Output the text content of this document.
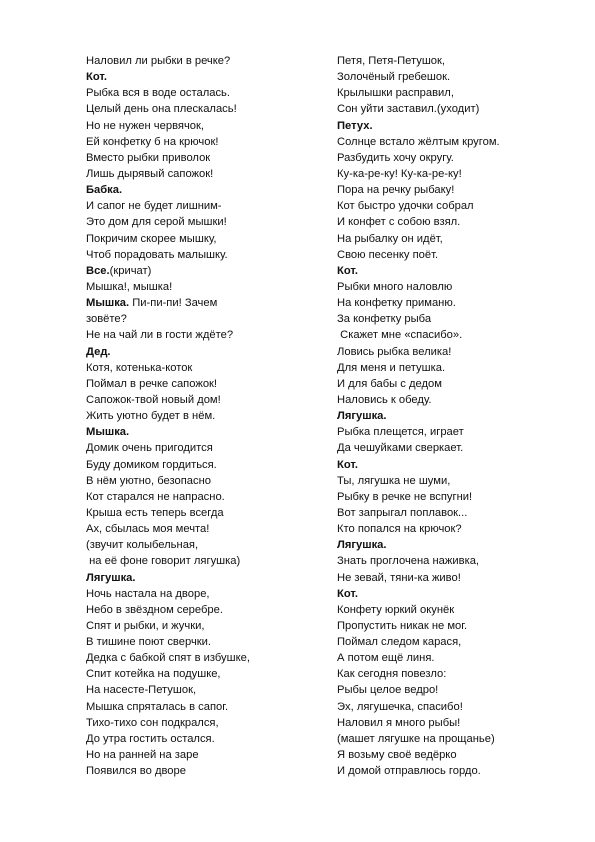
Наловил ли рыбки в речке?
Кот.
Рыбка вся в воде осталась.
Целый день она плескалась!
Но не нужен червячок,
Ей конфетку б на крючок!
Вместо рыбки приволок
Лишь дырявый сапожок!
Бабка.
И сапог не будет лишним-
Это дом для серой мышки!
Покричим скорее мышку,
Чтоб порадовать малышку.
Все.(кричат)
Мышка!, мышка!
Мышка. Пи-пи-пи! Зачем
зовёте?
Не на чай ли в гости ждёте?
Дед.
Котя, котенька-коток
Поймал в речке сапожок!
Сапожок-твой новый дом!
Жить уютно будет в нём.
Мышка.
Домик очень пригодится
Буду домиком гордиться.
В нём уютно, безопасно
Кот старался не напрасно.
Крыша есть теперь всегда
Ах, сбылась моя мечта!
(звучит колыбельная,
на её фоне говорит лягушка)
Лягушка.
Ночь настала на дворе,
Небо в звёздном серебре.
Спят и рыбки, и жучки,
В тишине поют сверчки.
Дедка с бабкой спят в избушке,
Спит котейка на подушке,
На насесте-Петушок,
Мышка спряталась в сапог.
Тихо-тихо сон подкрался,
До утра гостить остался.
Но на ранней на заре
Появился во дворе
Петя, Петя-Петушок,
Золочёный гребешок.
Крылышки расправил,
Сон уйти заставил.(уходит)
Петух.
Солнце встало жёлтым кругом.
Разбудить хочу округу.
Ку-ка-ре-ку! Ку-ка-ре-ку!
Пора на речку рыбаку!
Кот быстро удочки собрал
И конфет с собою взял.
На рыбалку он идёт,
Свою песенку поёт.
Кот.
Рыбки много наловлю
На конфетку приманю.
За конфетку рыба
Скажет мне «спасибо».
Ловись рыбка велика!
Для меня и петушка.
И для бабы с дедом
Наловись к обеду.
Лягушка.
Рыбка плещется, играет
Да чешуйками сверкает.
Кот.
Ты, лягушка не шуми,
Рыбку в речке не вспугни!
Вот запрыгал поплавок...
Кто попался на крючок?
Лягушка.
Знать проглочена наживка,
Не зевай, тяни-ка живо!
Кот.
Конфету юркий окунёк
Пропустить никак не мог.
Поймал следом карася,
А потом ещё линя.
Как сегодня повезло:
Рыбы целое ведро!
Эх, лягушечка, спасибо!
Наловил я много рыбы!
(машет лягушке на прощанье)
Я возьму своё ведёрко
И домой отправлюсь гордо.
